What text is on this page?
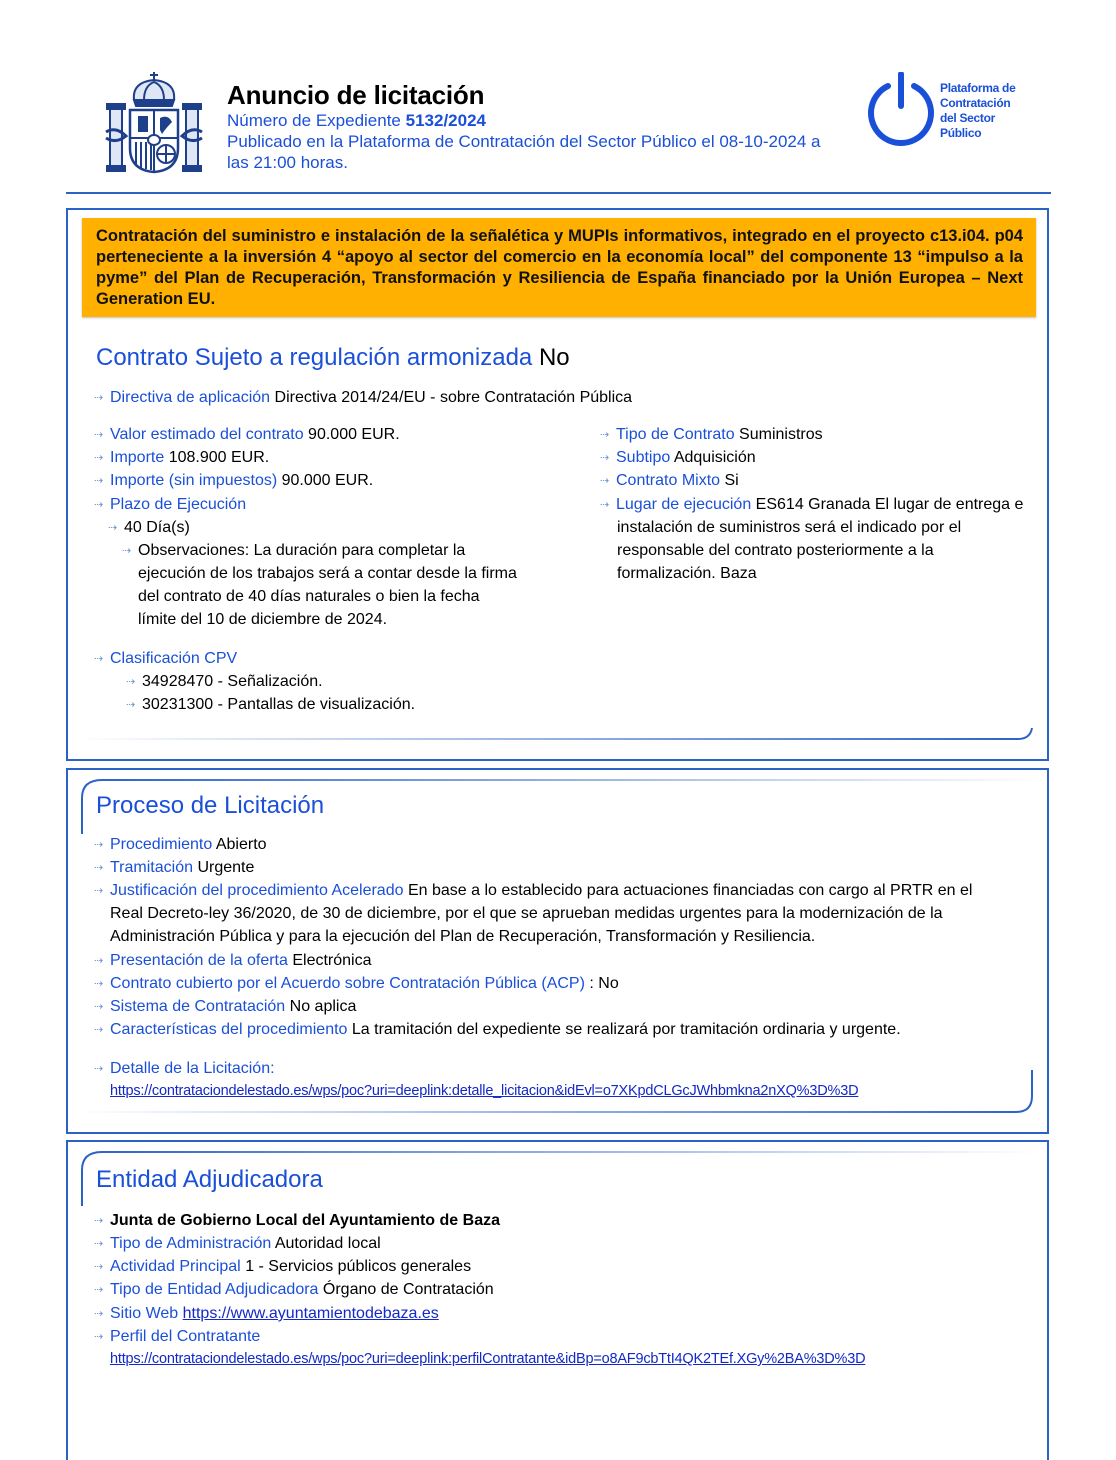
Anuncio de licitación
Número de Expediente 5132/2024
Publicado en la Plataforma de Contratación del Sector Público el 08-10-2024 a
las 21:00 horas.
Plataforma de
Contratación
del Sector
Público
Contratación del suministro e instalación de la señalética y MUPIs informativos, integrado en el proyecto c13.i04. p04 perteneciente a la inversión 4 “apoyo al sector del comercio en la economía local” del componente 13 “impulso a la pyme” del Plan de Recuperación, Transformación y Resiliencia de España financiado por la Unión Europea – Next Generation EU.
Contrato Sujeto a regulación armonizada No
⇢ Directiva de aplicación Directiva 2014/24/EU - sobre Contratación Pública
⇢ Valor estimado del contrato 90.000 EUR.
⇢ Importe 108.900 EUR.
⇢ Importe (sin impuestos) 90.000 EUR.
⇢ Plazo de Ejecución
⇢ 40 Día(s)
⇢ Observaciones: La duración para completar la
ejecución de los trabajos será a contar desde la firma
del contrato de 40 días naturales o bien la fecha
límite del 10 de diciembre de 2024.
⇢ Clasificación CPV
⇢ 34928470 - Señalización.
⇢ 30231300 - Pantallas de visualización.
⇢ Tipo de Contrato Suministros
⇢ Subtipo Adquisición
⇢ Contrato Mixto Si
⇢ Lugar de ejecución ES614 Granada El lugar de entrega e
instalación de suministros será el indicado por el
responsable del contrato posteriormente a la
formalización. Baza
Proceso de Licitación
⇢ Procedimiento Abierto
⇢ Tramitación Urgente
⇢ Justificación del procedimiento Acelerado En base a lo establecido para actuaciones financiadas con cargo al PRTR en el
Real Decreto-ley 36/2020, de 30 de diciembre, por el que se aprueban medidas urgentes para la modernización de la
Administración Pública y para la ejecución del Plan de Recuperación, Transformación y Resiliencia.
⇢ Presentación de la oferta Electrónica
⇢ Contrato cubierto por el Acuerdo sobre Contratación Pública (ACP) : No
⇢ Sistema de Contratación No aplica
⇢ Características del procedimiento La tramitación del expediente se realizará por tramitación ordinaria y urgente.
⇢ Detalle de la Licitación:
https://contrataciondelestado.es/wps/poc?uri=deeplink:detalle_licitacion&idEvl=o7XKpdCLGcJWhbmkna2nXQ%3D%3D
Entidad Adjudicadora
⇢ Junta de Gobierno Local del Ayuntamiento de Baza
⇢ Tipo de Administración Autoridad local
⇢ Actividad Principal 1 - Servicios públicos generales
⇢ Tipo de Entidad Adjudicadora Órgano de Contratación
⇢ Sitio Web https://www.ayuntamientodebaza.es
⇢ Perfil del Contratante
https://contrataciondelestado.es/wps/poc?uri=deeplink:perfilContratante&idBp=o8AF9cbTtI4QK2TEf.XGy%2BA%3D%3D
